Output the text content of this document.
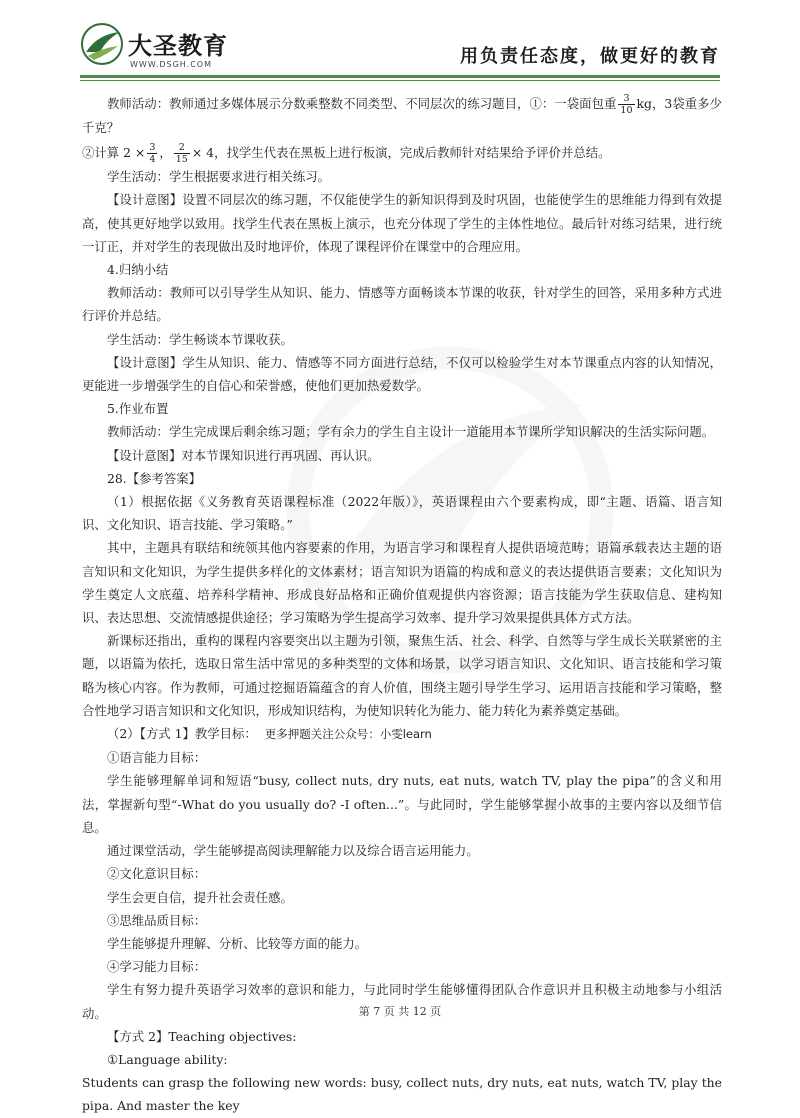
大圣教育
WWW.DSGH.COM	用负责任态度，做更好的教育

教师活动：教师通过多媒体展示分数乘整数不同类型、不同层次的练习题目，①：一袋面包重 $\frac{3}{10}$ kg，3袋重多少千克？

②计算 $2 \times \frac{3}{4}$ ， $\frac{2}{15} \times 4$，找学生代表在黑板上进行板演，完成后教师针对结果给予评价并总结。

学生活动：学生根据要求进行相关练习。

【设计意图】设置不同层次的练习题，不仅能使学生的新知识得到及时巩固，也能使学生的思维能力得到有效提高，使其更好地学以致用。找学生代表在黑板上演示，也充分体现了学生的主体性地位。最后针对练习结果，进行统一订正，并对学生的表现做出及时地评价，体现了课程评价在课堂中的合理应用。

4.归纳小结

教师活动：教师可以引导学生从知识、能力、情感等方面畅谈本节课的收获，针对学生的回答，采用多种方式进行评价并总结。

学生活动：学生畅谈本节课收获。

【设计意图】学生从知识、能力、情感等不同方面进行总结，不仅可以检验学生对本节课重点内容的认知情况，更能进一步增强学生的自信心和荣誉感，使他们更加热爱数学。

5.作业布置

教师活动：学生完成课后剩余练习题；学有余力的学生自主设计一道能用本节课所学知识解决的生活实际问题。

【设计意图】对本节课知识进行再巩固、再认识。

28.【参考答案】

（1）根据依据《义务教育英语课程标准（2022年版）》，英语课程由六个要素构成，即“主题、语篇、语言知识、文化知识、语言技能、学习策略。”

其中，主题具有联结和统领其他内容要素的作用，为语言学习和课程育人提供语境范畴；语篇承载表达主题的语言知识和文化知识，为学生提供多样化的文体素材；语言知识为语篇的构成和意义的表达提供语言要素；文化知识为学生奠定人文底蕴、培养科学精神、形成良好品格和正确价值观提供内容资源；语言技能为学生获取信息、建构知识、表达思想、交流情感提供途径；学习策略为学生提高学习效率、提升学习效果提供具体方式方法。

新课标还指出，重构的课程内容要突出以主题为引领，聚焦生活、社会、科学、自然等与学生成长关联紧密的主题，以语篇为依托，选取日常生活中常见的多种类型的文体和场景，以学习语言知识、文化知识、语言技能和学习策略为核心内容。作为教师，可通过挖掘语篇蕴含的育人价值，围绕主题引导学生学习、运用语言技能和学习策略，整合性地学习语言知识和文化知识，形成知识结构，为使知识转化为能力、能力转化为素养奠定基础。

（2）【方式 1】教学目标： 更多押题关注公众号：小雯learn

①语言能力目标：

学生能够理解单词和短语“busy, collect nuts, dry nuts, eat nuts, watch TV, play the pipa”的含义和用法，掌握新句型“-What do you usually do? -I often...”。与此同时，学生能够掌握小故事的主要内容以及细节信息。

通过课堂活动，学生能够提高阅读理解能力以及综合语言运用能力。

②文化意识目标：

学生会更自信，提升社会责任感。

③思维品质目标：

学生能够提升理解、分析、比较等方面的能力。

④学习能力目标：

学生有努力提升英语学习效率的意识和能力，与此同时学生能够懂得团队合作意识并且积极主动地参与小组活动。

【方式 2】Teaching objectives:

①Language ability:

Students can grasp the following new words: busy, collect nuts, dry nuts, eat nuts, watch TV, play the pipa. And master the key

第 7 页 共 12 页
